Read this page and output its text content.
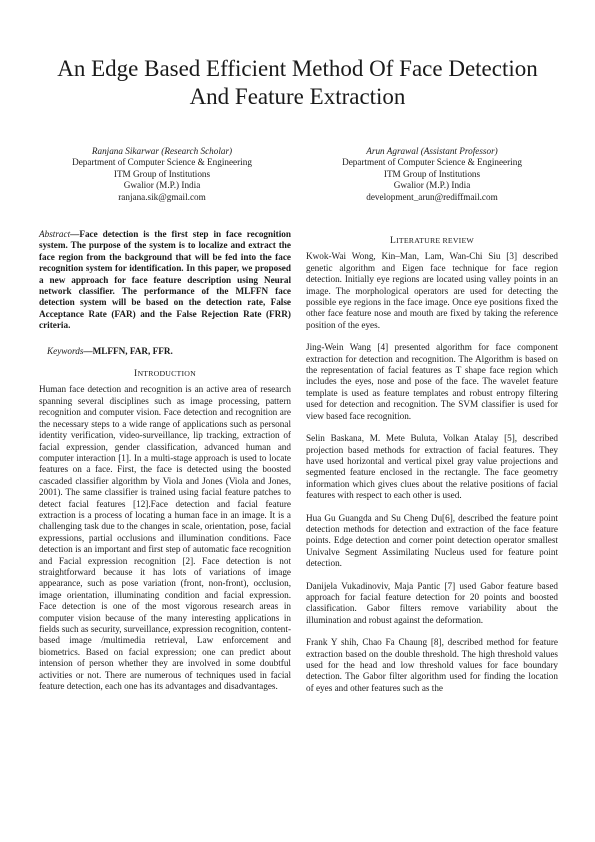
An Edge Based Efficient Method Of Face Detection
And Feature Extraction
Ranjana Sikarwar (Research Scholar)
Department of Computer Science & Engineering
ITM Group of Institutions
Gwalior (M.P.) India
ranjana.sik@gmail.com
Arun Agrawal (Assistant Professor)
Department of Computer Science & Engineering
ITM Group of Institutions
Gwalior (M.P.) India
development_arun@rediffmail.com

Abstract—Face detection is the first step in face recognition system. The purpose of the system is to localize and extract the face region from the background that will be fed into the face recognition system for identification. In this paper, we proposed a new approach for face feature description using Neural network classifier. The performance of the MLFFN face detection system will be based on the detection rate, False Acceptance Rate (FAR) and the False Rejection Rate (FRR) criteria.

Keywords—MLFFN, FAR, FFR.

INTRODUCTION

Human face detection and recognition is an active area of research spanning several disciplines such as image processing, pattern recognition and computer vision. Face detection and recognition are the necessary steps to a wide range of applications such as personal identity verification, video-surveillance, lip tracking, extraction of facial expression, gender classification, advanced human and computer interaction [1]. In a multi-stage approach is used to locate features on a face. First, the face is detected using the boosted cascaded classifier algorithm by Viola and Jones (Viola and Jones, 2001). The same classifier is trained using facial feature patches to detect facial features [12].Face detection and facial feature extraction is a process of locating a human face in an image. It is a challenging task due to the changes in scale, orientation, pose, facial expressions, partial occlusions and illumination conditions. Face detection is an important and first step of automatic face recognition and Facial expression recognition [2]. Face detection is not straightforward because it has lots of variations of image appearance, such as pose variation (front, non-front), occlusion, image orientation, illuminating condition and facial expression. Face detection is one of the most vigorous research areas in computer vision because of the many interesting applications in fields such as security, surveillance, expression recognition, content-based image /multimedia retrieval, Law enforcement and biometrics. Based on facial expression; one can predict about intension of person whether they are involved in some doubtful activities or not. There are numerous of techniques used in facial feature detection, each one has its advantages and disadvantages.

LITERATURE REVIEW

Kwok-Wai Wong, Kin–Man, Lam, Wan-Chi Siu [3] described genetic algorithm and Eigen face technique for face region detection. Initially eye regions are located using valley points in an image. The morphological operators are used for detecting the possible eye regions in the face image. Once eye positions fixed the other face feature nose and mouth are fixed by taking the reference position of the eyes.

Jing-Wein Wang [4] presented algorithm for face component extraction for detection and recognition. The Algorithm is based on the representation of facial features as T shape face region which includes the eyes, nose and pose of the face. The wavelet feature template is used as feature templates and robust entropy filtering used for detection and recognition. The SVM classifier is used for view based face recognition.

Selin Baskana, M. Mete Buluta, Volkan Atalay [5], described projection based methods for extraction of facial features. They have used horizontal and vertical pixel gray value projections and segmented feature enclosed in the rectangle. The face geometry information which gives clues about the relative positions of facial features with respect to each other is used.

Hua Gu Guangda and Su Cheng Du[6], described the feature point detection methods for detection and extraction of the face feature points. Edge detection and corner point detection operator smallest Univalve Segment Assimilating Nucleus used for feature point detection.

Danijela Vukadinoviv, Maja Pantic [7] used Gabor feature based approach for facial feature detection for 20 points and boosted classification. Gabor filters remove variability about the illumination and robust against the deformation.

Frank Y shih, Chao Fa Chaung [8], described method for feature extraction based on the double threshold. The high threshold values used for the head and low threshold values for face boundary detection. The Gabor filter algorithm used for finding the location of eyes and other features such as the
